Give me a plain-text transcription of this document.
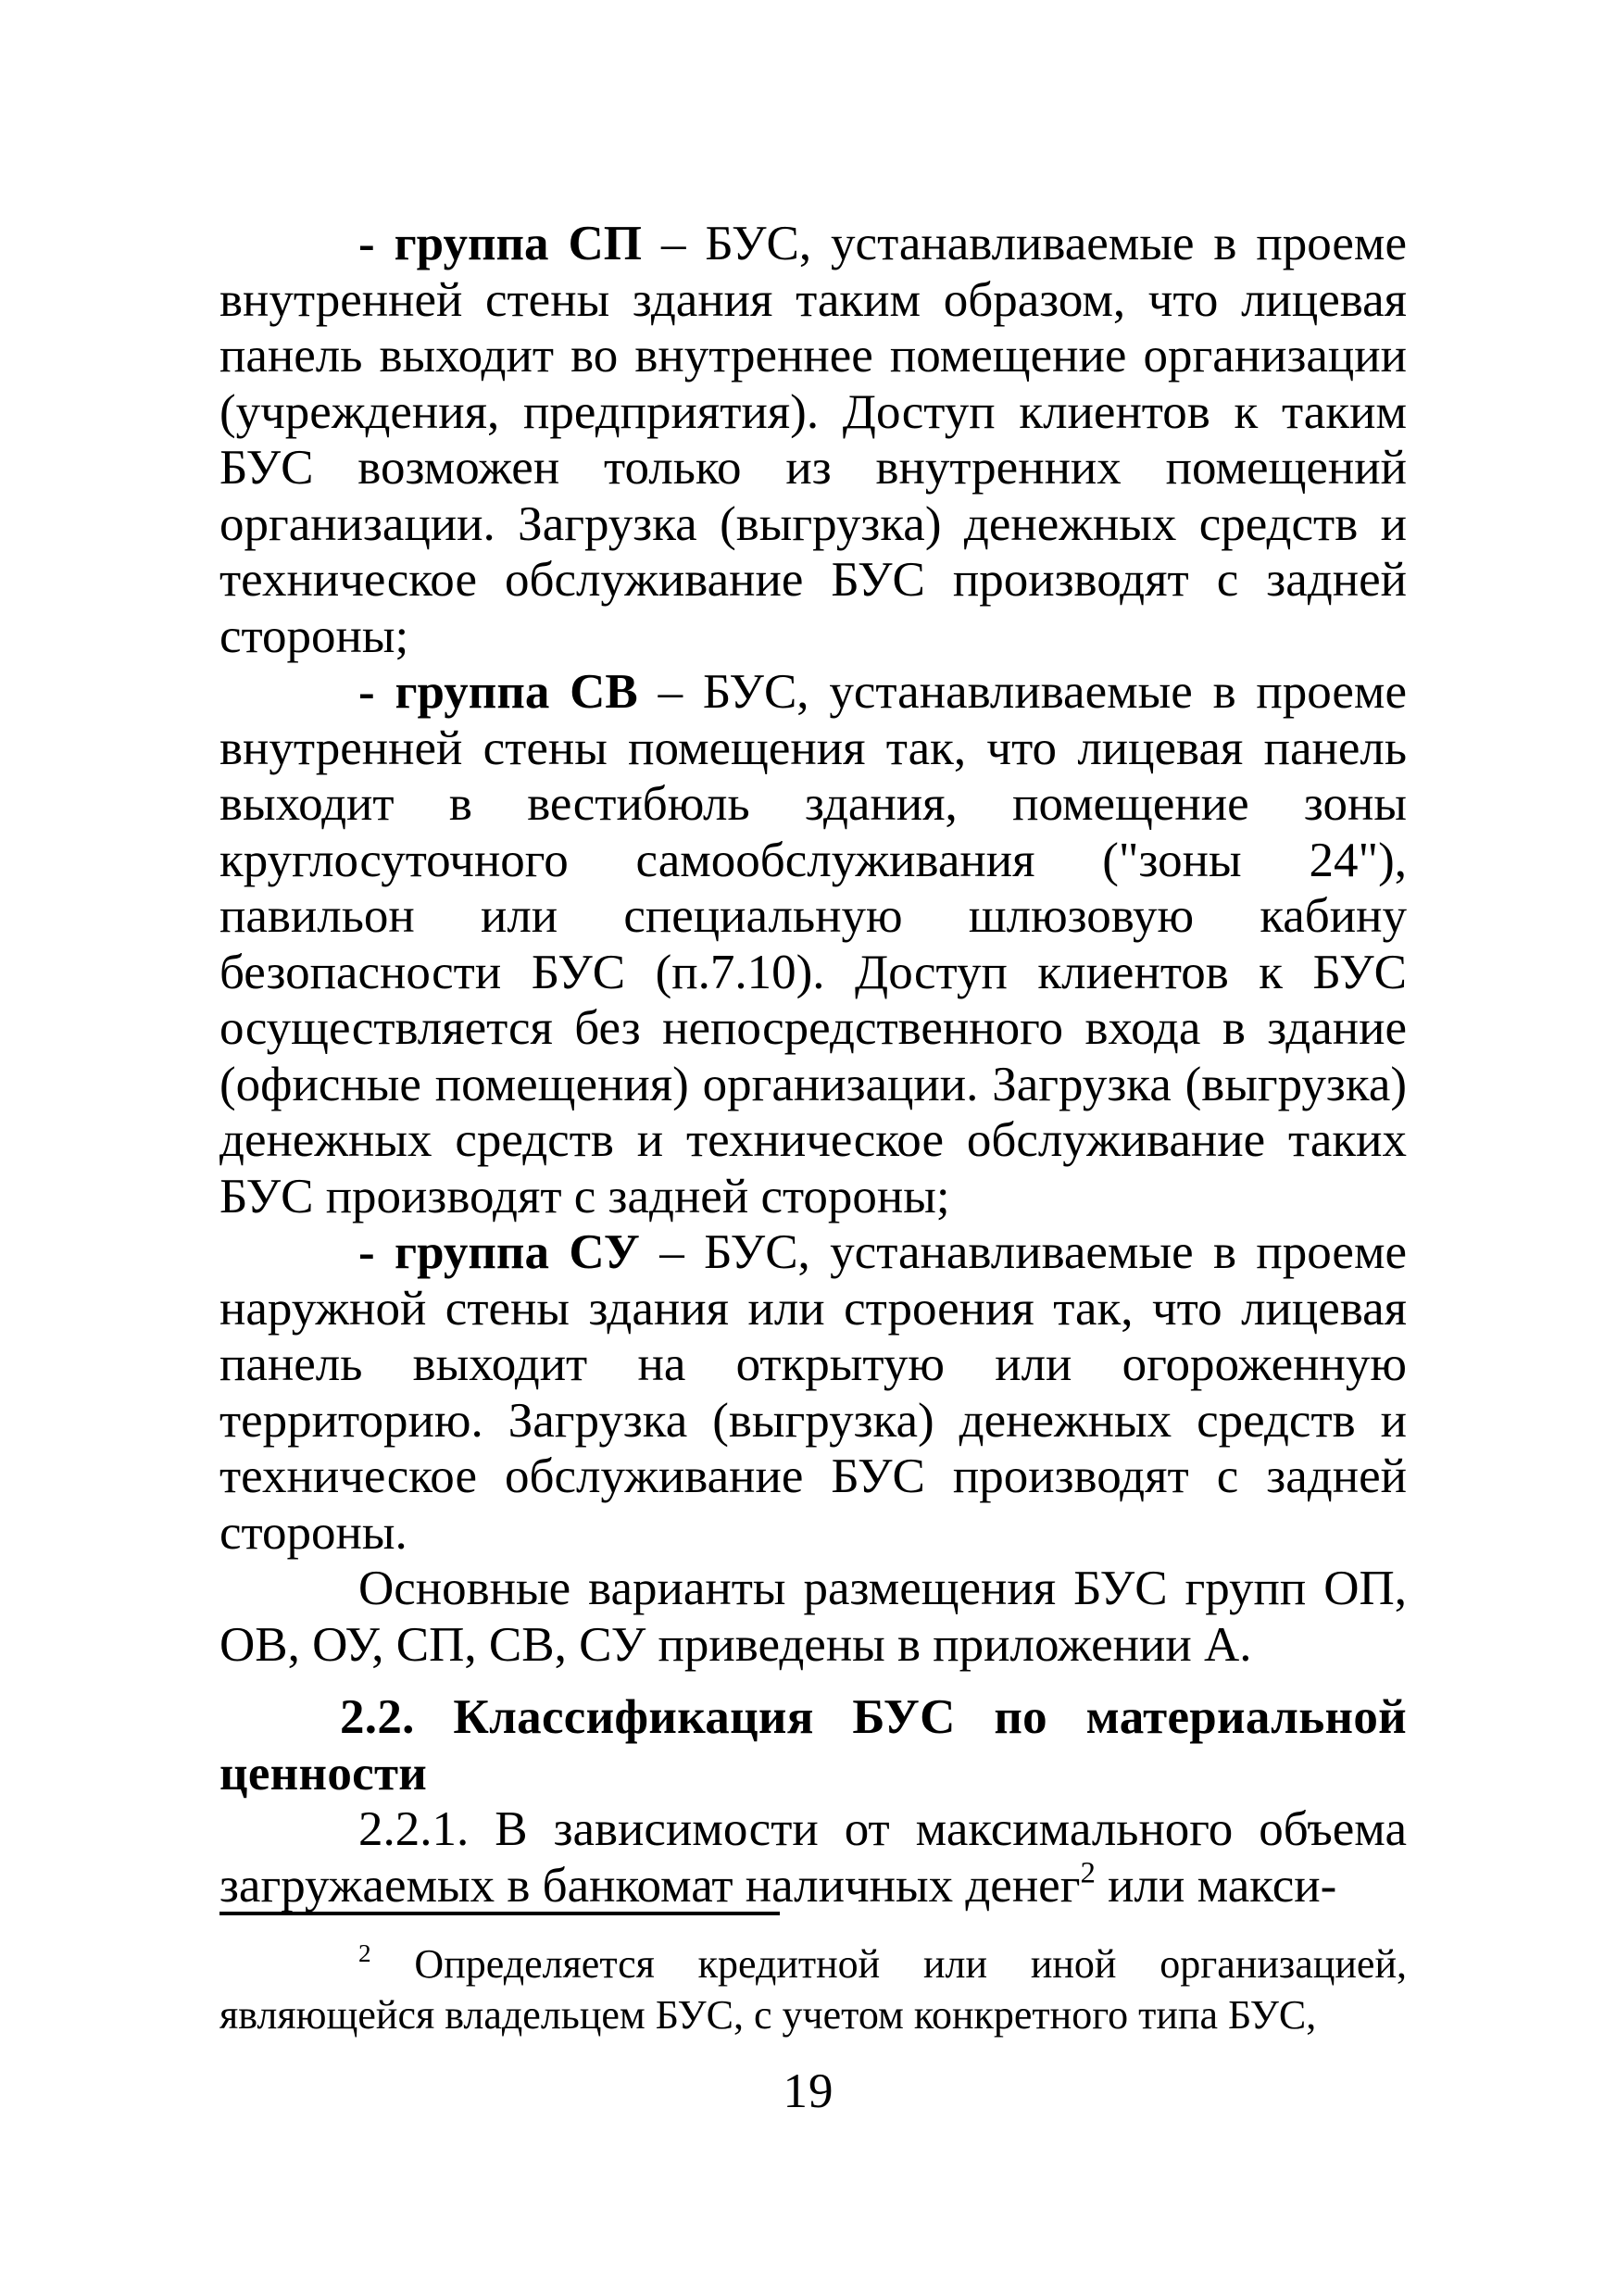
- группа СП – БУС, устанавливаемые в проеме внутренней стены здания таким образом, что лицевая панель выходит во внутреннее помещение организации (учреждения, предприятия). Доступ клиентов к таким БУС возможен только из внутренних помещений организации. Загрузка (выгрузка) денежных средств и техническое обслуживание БУС производят с задней стороны;

- группа СВ – БУС, устанавливаемые в проеме внутренней стены помещения так, что лицевая панель выходит в вестибюль здания, помещение зоны круглосуточного самообслуживания ("зоны 24"), павильон или специальную шлюзовую кабину безопасности БУС (п.7.10). Доступ клиентов к БУС осуществляется без непосредственного входа в здание (офисные помещения) организации. Загрузка (выгрузка) денежных средств и техническое обслуживание таких БУС производят с задней стороны;

- группа СУ – БУС, устанавливаемые в проеме наружной стены здания или строения так, что лицевая панель выходит на открытую или огороженную территорию. Загрузка (выгрузка) денежных средств и техническое обслуживание БУС производят с задней стороны.

Основные варианты размещения БУС групп ОП, ОВ, ОУ, СП, СВ, СУ приведены в приложении А.

2.2. Классификация БУС по материальной ценности

2.2.1. В зависимости от максимального объема загружаемых в банкомат наличных денег$^2$ или макси-

$^2$ Определяется кредитной или иной организацией, являющейся владельцем БУС, с учетом конкретного типа БУС,

19
